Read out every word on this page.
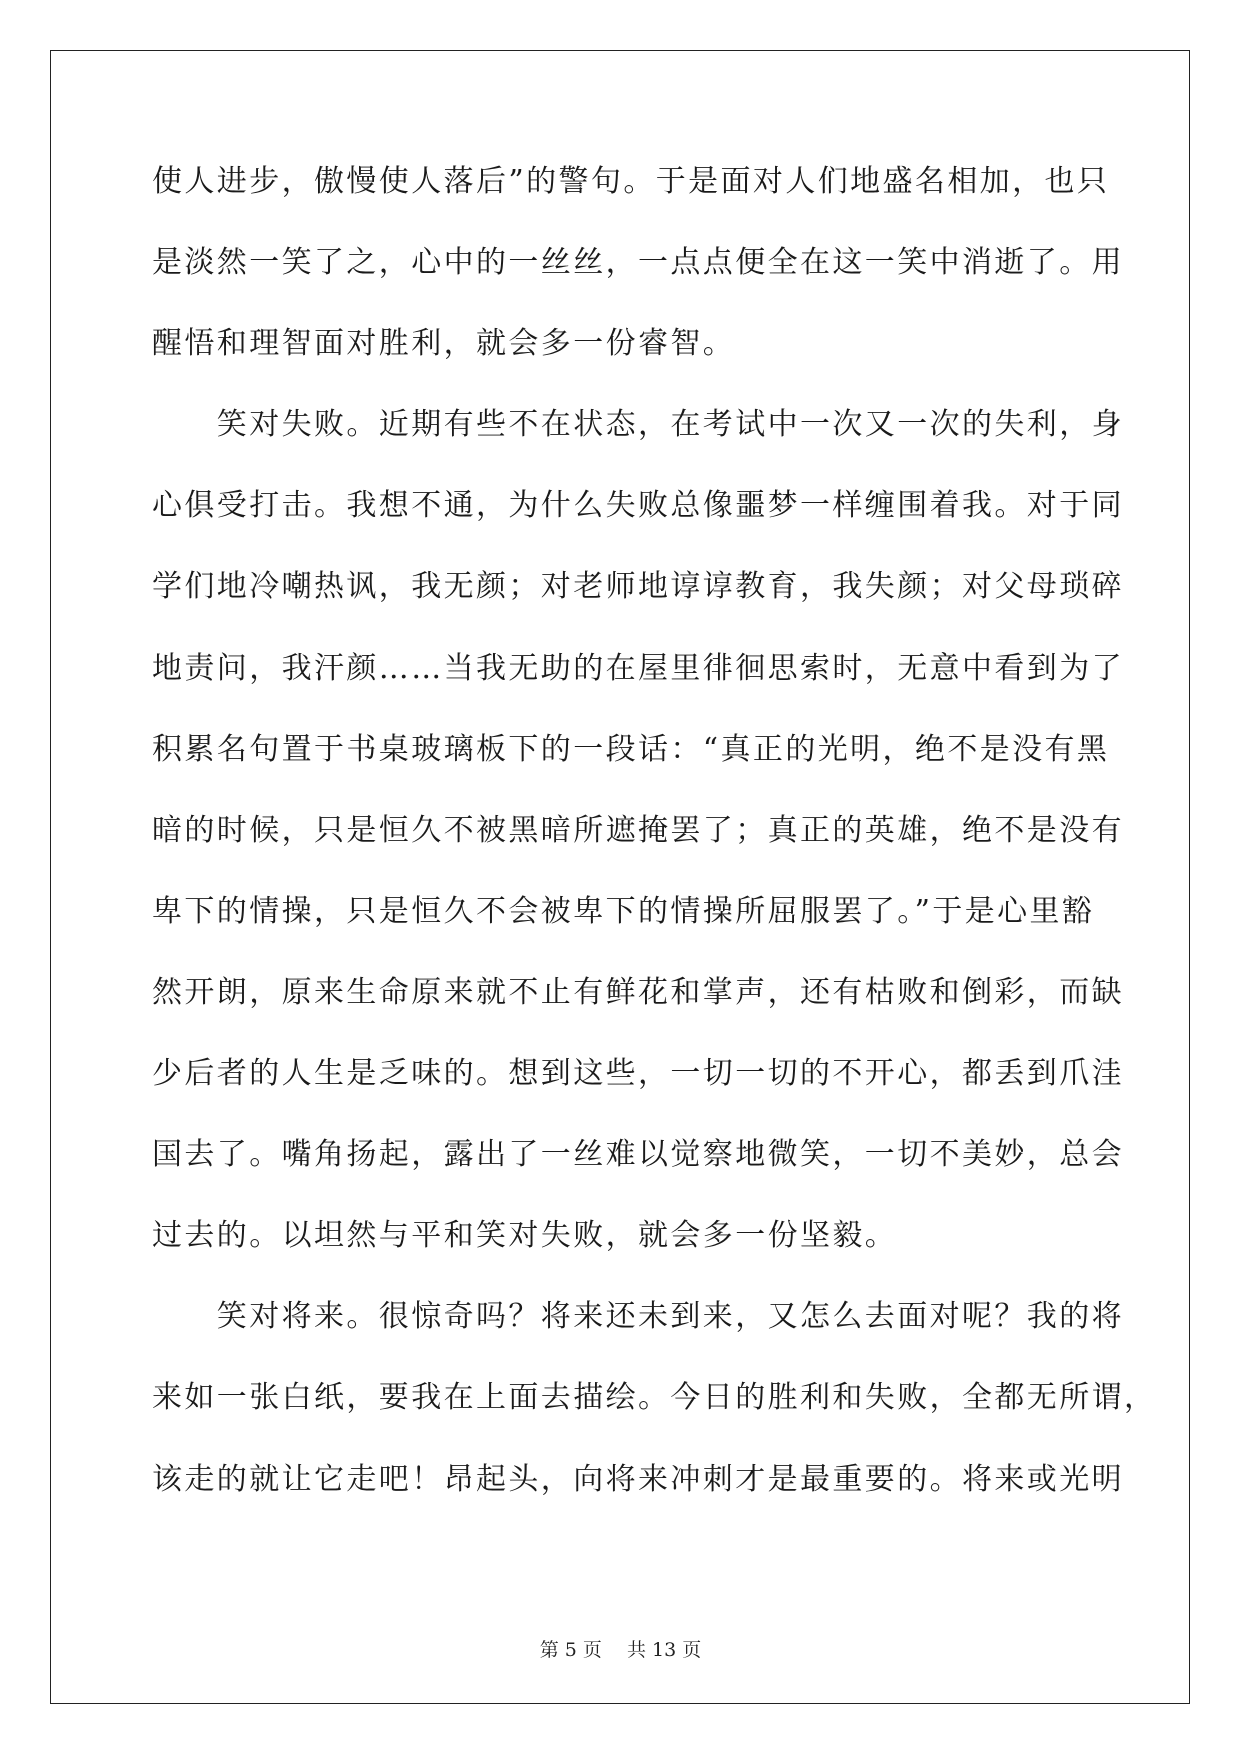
使人进步，傲慢使人落后”的警句。于是面对人们地盛名相加，也只
是淡然一笑了之，心中的一丝丝，一点点便全在这一笑中消逝了。用
醒悟和理智面对胜利，就会多一份睿智。
　　笑对失败。近期有些不在状态，在考试中一次又一次的失利，身
心俱受打击。我想不通，为什么失败总像噩梦一样缠围着我。对于同
学们地冷嘲热讽，我无颜；对老师地谆谆教育，我失颜；对父母琐碎
地责问，我汗颜……当我无助的在屋里徘徊思索时，无意中看到为了
积累名句置于书桌玻璃板下的一段话：“真正的光明，绝不是没有黑
暗的时候，只是恒久不被黑暗所遮掩罢了；真正的英雄，绝不是没有
卑下的情操，只是恒久不会被卑下的情操所屈服罢了。”于是心里豁
然开朗，原来生命原来就不止有鲜花和掌声，还有枯败和倒彩，而缺
少后者的人生是乏味的。想到这些，一切一切的不开心，都丢到爪洼
国去了。嘴角扬起，露出了一丝难以觉察地微笑，一切不美妙，总会
过去的。以坦然与平和笑对失败，就会多一份坚毅。
　　笑对将来。很惊奇吗？将来还未到来，又怎么去面对呢？我的将
来如一张白纸，要我在上面去描绘。今日的胜利和失败，全都无所谓，
该走的就让它走吧！昂起头，向将来冲刺才是最重要的。将来或光明
第 5 页　 共 13 页
